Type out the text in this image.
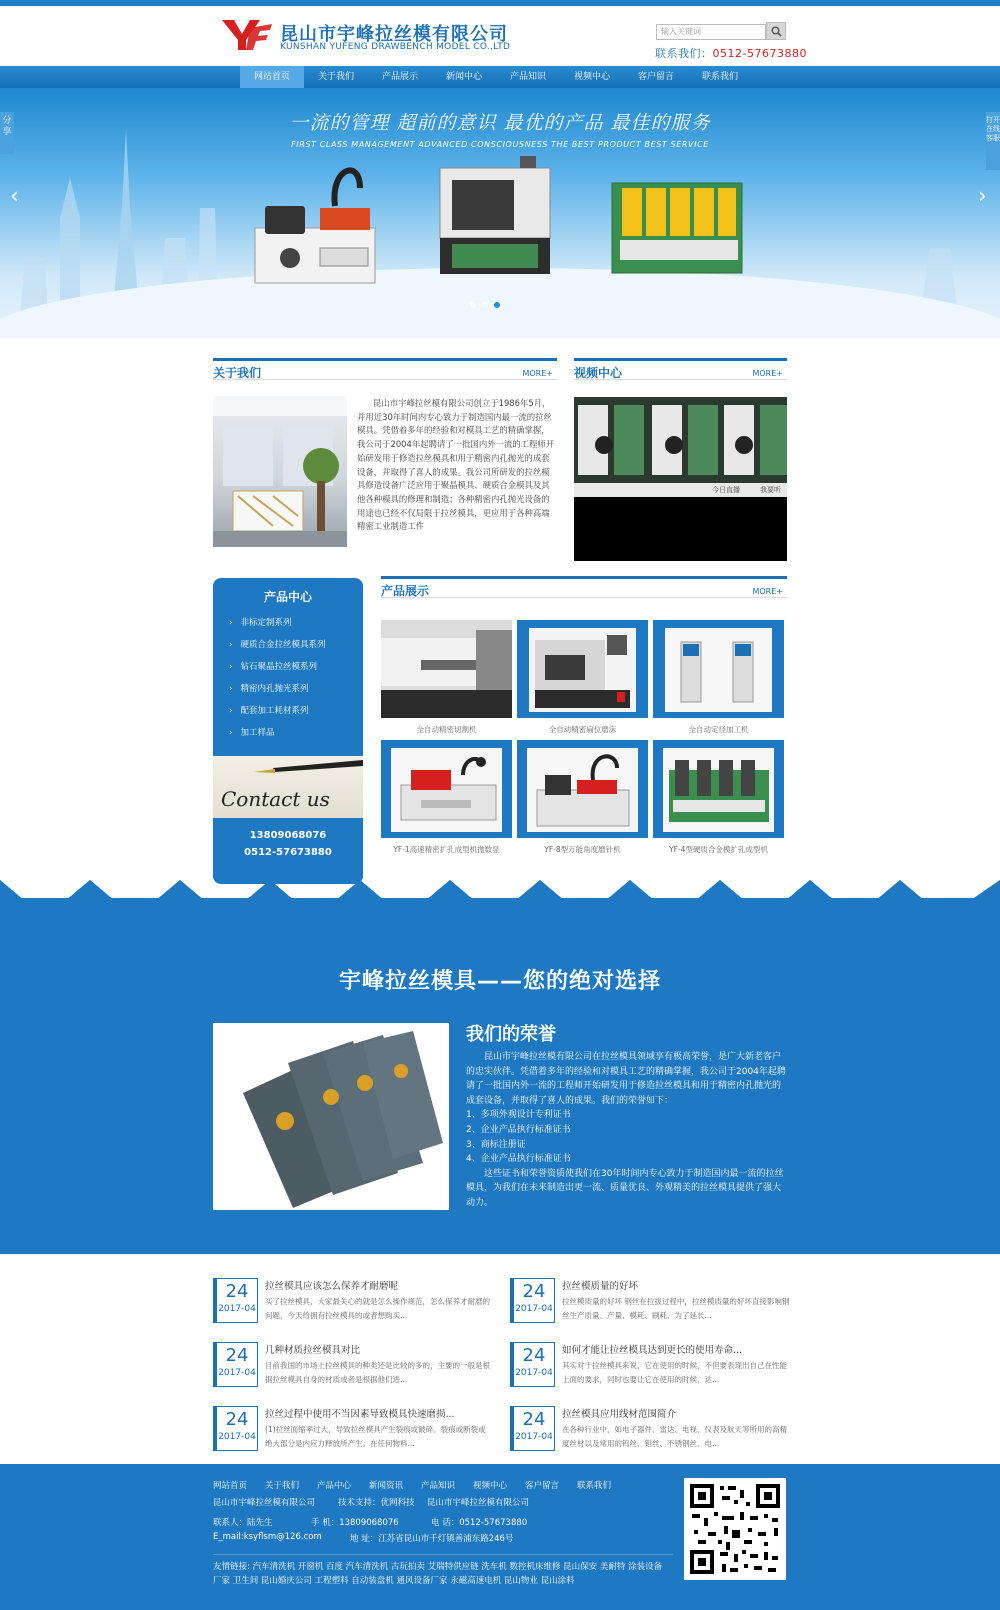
昆山市宇峰拉丝模有限公司
KUNSHAN YUFENG DRAWBENCH MODEL CO.,LTD
输入关键词
联系我们：0512-57673880
网站首页	关于我们	产品展示	新闻中心	产品知识	视频中心	客户留言	联系我们
一流的管理 超前的意识 最优的产品 最佳的服务
FIRST CLASS MANAGEMENT ADVANCED CONSCIOUSNESS THE BEST PRODUCT BEST SERVICE
‹	›
分享
打开在线客服
关于我们	MORE+
昆山市宇峰拉丝模有限公司创立于1986年5月，并用近30年时间内专心致力于制造国内最一流的拉丝模具。凭借着多年的经验和对模具工艺的精确掌握，我公司于2004年起聘请了一批国内外一流的工程师开始研发用于修造拉丝模具和用于精密内孔抛光的成套设备，并取得了喜人的成果。我公司所研发的拉丝模具修造设备广泛应用于聚晶模具、硬质合金模具及其他各种模具的修理和制造；各种精密内孔抛光设备的用途也已经不仅局限于拉丝模具，更应用于各种高端精密工业制造工件
视频中心	MORE+
今日直播	我要听
产品中心
›   非标定制系列
›   硬质合金拉丝模具系列
›   钻石聚晶拉丝模系列
›   精密内孔抛光系列
›   配套加工耗材系列
›   加工样品
Contact us
13809068076
0512-57673880
产品展示	MORE+
全自动精密切割机	全自动精密扁位磨床	全自动定径加工机
YF-1高速精密扩孔成型机抛数显	YF-8型万能角度磨针机	YF-4型硬质合金模扩孔成型机
宇峰拉丝模具——您的绝对选择
我们的荣誉
昆山市宇峰拉丝模有限公司在拉丝模具领域享有极高荣誉，是广大新老客户的忠实伙伴。凭借着多年的经验和对模具工艺的精确掌握，我公司于2004年起聘请了一批国内外一流的工程师开始研发用于修造拉丝模具和用于精密内孔抛光的成套设备，并取得了喜人的成果。我们的荣誉如下：
1、多项外观设计专利证书
2、企业产品执行标准证书
3、商标注册证
4、企业产品执行标准证书
这些证书和荣誉资质使我们在30年时间内专心致力于制造国内最一流的拉丝模具，为我们在未来制造出更一流、质量优良、外观精美的拉丝模具提供了强大动力。
24
2017-04
拉丝模具应该怎么保养才耐磨呢
买了拉丝模具，大家最关心的就是怎么操作规范，怎么保养才耐磨的问题，今天给拥有拉丝模具的或者想购买...
24
2017-04
拉丝模质量的好坏
拉丝模质量的好坏 钢丝在拉拔过程中，拉丝模质量的好坏直接影响钢丝生产质量、产量、模耗、刷耗、为了延长...
24
2017-04
几种材质拉丝模具对比
目前我国的市场上拉丝模具的种类还是比较的多的，主要的一般是根据拉丝模具自身的材质或者是根据他们进...
24
2017-04
如何才能让拉丝模具达到更长的使用寿命...
其实对于拉丝模具来说，它在使用的时候，不但要表现出自己在性能上面的要求，同时也要让它在使用的时候，达...
24
2017-04
拉丝过程中使用不当因素导致模具快速磨损...
(1)拉丝面缩率过大，导致拉丝模具产生裂痕或破碎。裂痕或断裂或绝大部分是内应力释放所产生。在任何物料...
24
2017-04
拉丝模具应用线材范围简介
在各种行业中，如电子器件、雷达、电视、仪表及航天等所用的高精度丝材以及常用的钨丝、钼丝、不锈钢丝、电...
网站首页 关于我们 产品中心 新闻资讯 产品知识 视频中心 客户留言 联系我们
昆山市宇峰拉丝模有限公司	技术支持：优网科技 昆山市宇峰拉丝模有限公司
联系人：陆先生	手 机：13809068076	电 话：0512-57673880
E_mail:ksyflsm@126.com	地 址：江苏省昆山市千灯镇善浦东路246号
友情链接: 汽车清洗机 开窗机 百度 汽车清洗机 古玩拍卖 艾瑞特供应链 洗车机 数控机床维修 昆山保安 美耐特 涂装设备厂家 卫生间 昆山婚庆公司 工程塑料 自动装盘机 通风设备厂家 永磁高速电机 昆山物业 昆山涂料
